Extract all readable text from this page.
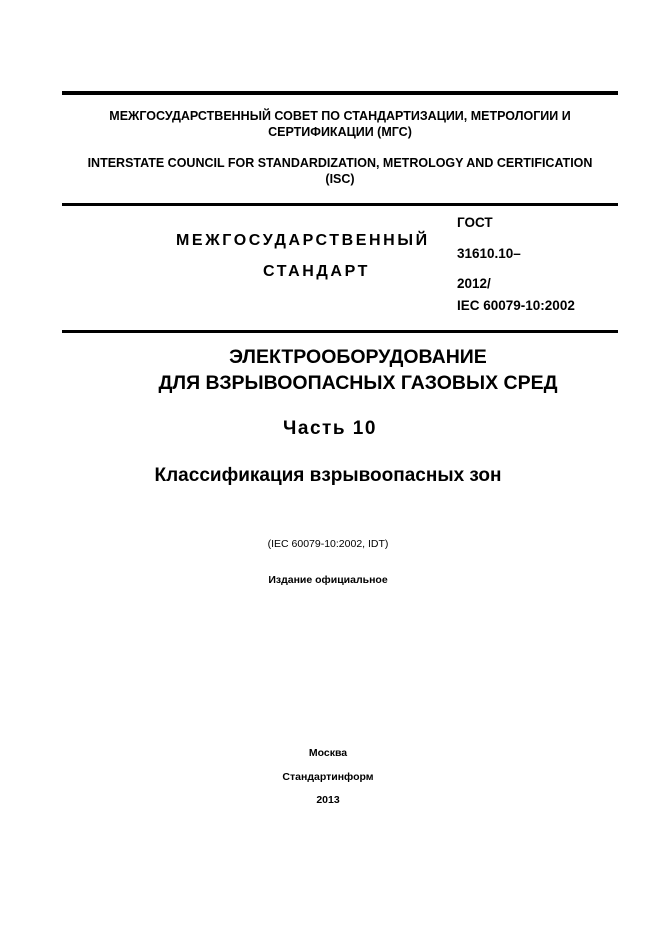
МЕЖГОСУДАРСТВЕННЫЙ СОВЕТ ПО СТАНДАРТИЗАЦИИ, МЕТРОЛОГИИ И
СЕРТИФИКАЦИИ (МГС)
INTERSTATE COUNCIL FOR STANDARDIZATION, METROLOGY AND CERTIFICATION
(ISC)
МЕЖГОСУДАРСТВЕННЫЙ
СТАНДАРТ
ГОСТ
31610.10–
2012/
IEC 60079-10:2002
ЭЛЕКТРООБОРУДОВАНИЕ
ДЛЯ ВЗРЫВООПАСНЫХ ГАЗОВЫХ СРЕД
Часть 10
Классификация взрывоопасных зон
(IEC 60079-10:2002, IDT)
Издание официальное
Москва
Стандартинформ
2013
